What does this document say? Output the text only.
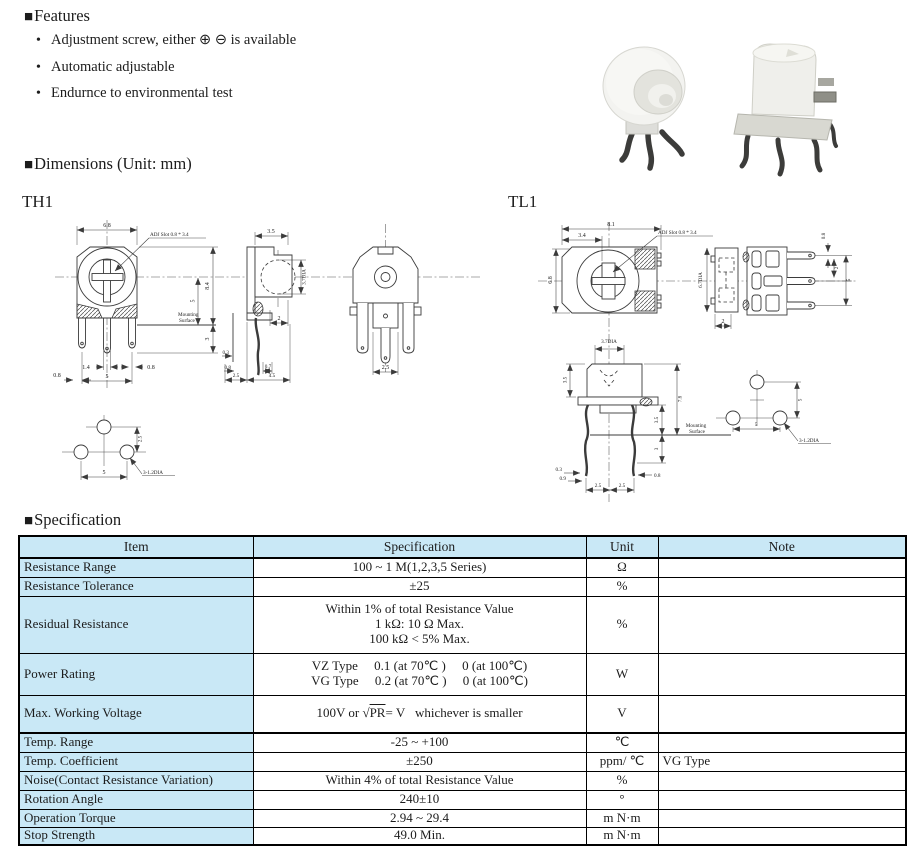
■Features
• Adjustment screw, either ⊕ ⊖ is available
• Automatic adjustable
• Endurnce to environmental test
■Dimensions (Unit: mm)
TH1	TL1
Mounting
Surface
6.8
ADJ Slot 0.8 * 3.4
8.4
5
3
1.4	0.8
0.8	5
3.5
3.7DIA
2
0.3
0.8
2.5
0.7
4.5
2.5
2.5
5	3-1.2DIA
8.1
3.4
6.8
ADJ Slot 0.8 * 3.4
6.7DIA
2
0.8
2
5
3.7DIA
Mounting
Surface
3.5
7.8
3.5
3
0.3
0.9	0.8
2.5	2.5
5
5
3-1.2DIA
■Specification
Item	Specification	Unit	Note
Resistance Range	100 ~ 1 M(1,2,3,5 Series)	Ω	
Resistance Tolerance	±25	%	
Residual Resistance	Within 1% of total Resistance Value
1 kΩ: 10 Ω Max.
100 kΩ < 5% Max.	%	
Power Rating	VZ Type  0.1 (at 70℃ )  0 (at 100℃)
VG Type  0.2 (at 70℃ )  0 (at 100℃)	W	
Max. Working Voltage	100V or √PR= V  whichever is smaller	V	
Temp. Range	-25 ~ +100	℃	
Temp. Coefficient	±250	ppm/ ℃	VG Type
Noise(Contact Resistance Variation)	Within 4% of total Resistance Value	%	
Rotation Angle	240±10	°	
Operation Torque	2.94 ~ 29.4	m N·m	
Stop Strength	49.0 Min.	m N·m	
